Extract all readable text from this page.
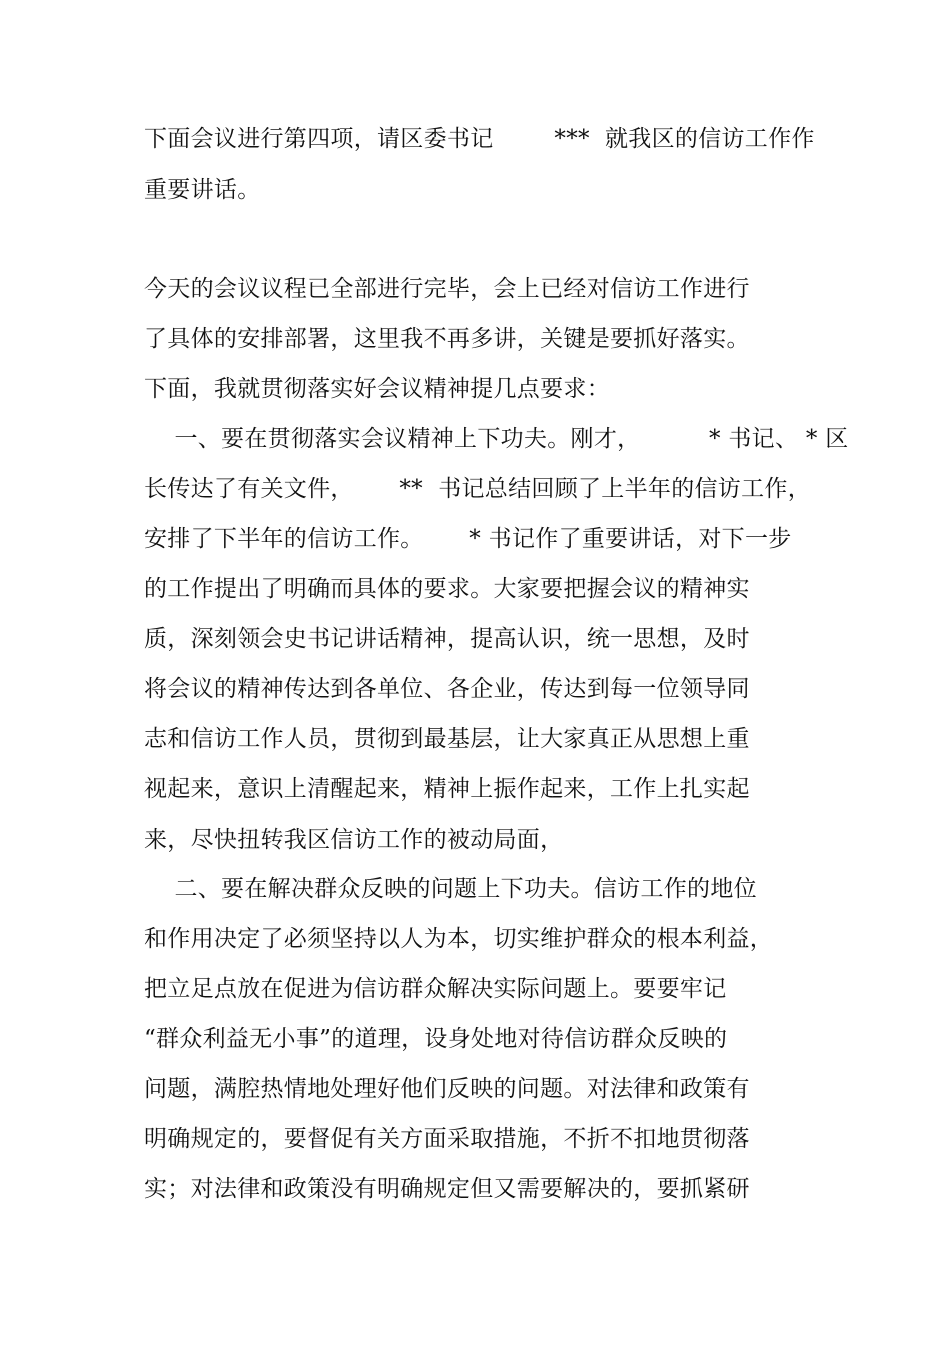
下面会议进行第四项，请区委书记        ***  就我区的信访工作作
重要讲话。
今天的会议议程已全部进行完毕，会上已经对信访工作进行
了具体的安排部署，这里我不再多讲，关键是要抓好落实。
下面，我就贯彻落实好会议精神提几点要求：
一、要在贯彻落实会议精神上下功夫。刚才，         * 书记、 * 区
长传达了有关文件，      **  书记总结回顾了上半年的信访工作，
安排了下半年的信访工作。      * 书记作了重要讲话，对下一步
的工作提出了明确而具体的要求。大家要把握会议的精神实
质，深刻领会史书记讲话精神，提高认识，统一思想，及时
将会议的精神传达到各单位、各企业，传达到每一位领导同
志和信访工作人员，贯彻到最基层，让大家真正从思想上重
视起来，意识上清醒起来，精神上振作起来，工作上扎实起
来，尽快扭转我区信访工作的被动局面，
二、要在解决群众反映的问题上下功夫。信访工作的地位
和作用决定了必须坚持以人为本，切实维护群众的根本利益，
把立足点放在促进为信访群众解决实际问题上。要要牢记
“群众利益无小事”的道理，设身处地对待信访群众反映的
问题，满腔热情地处理好他们反映的问题。对法律和政策有
明确规定的，要督促有关方面采取措施，不折不扣地贯彻落
实；对法律和政策没有明确规定但又需要解决的，要抓紧研
